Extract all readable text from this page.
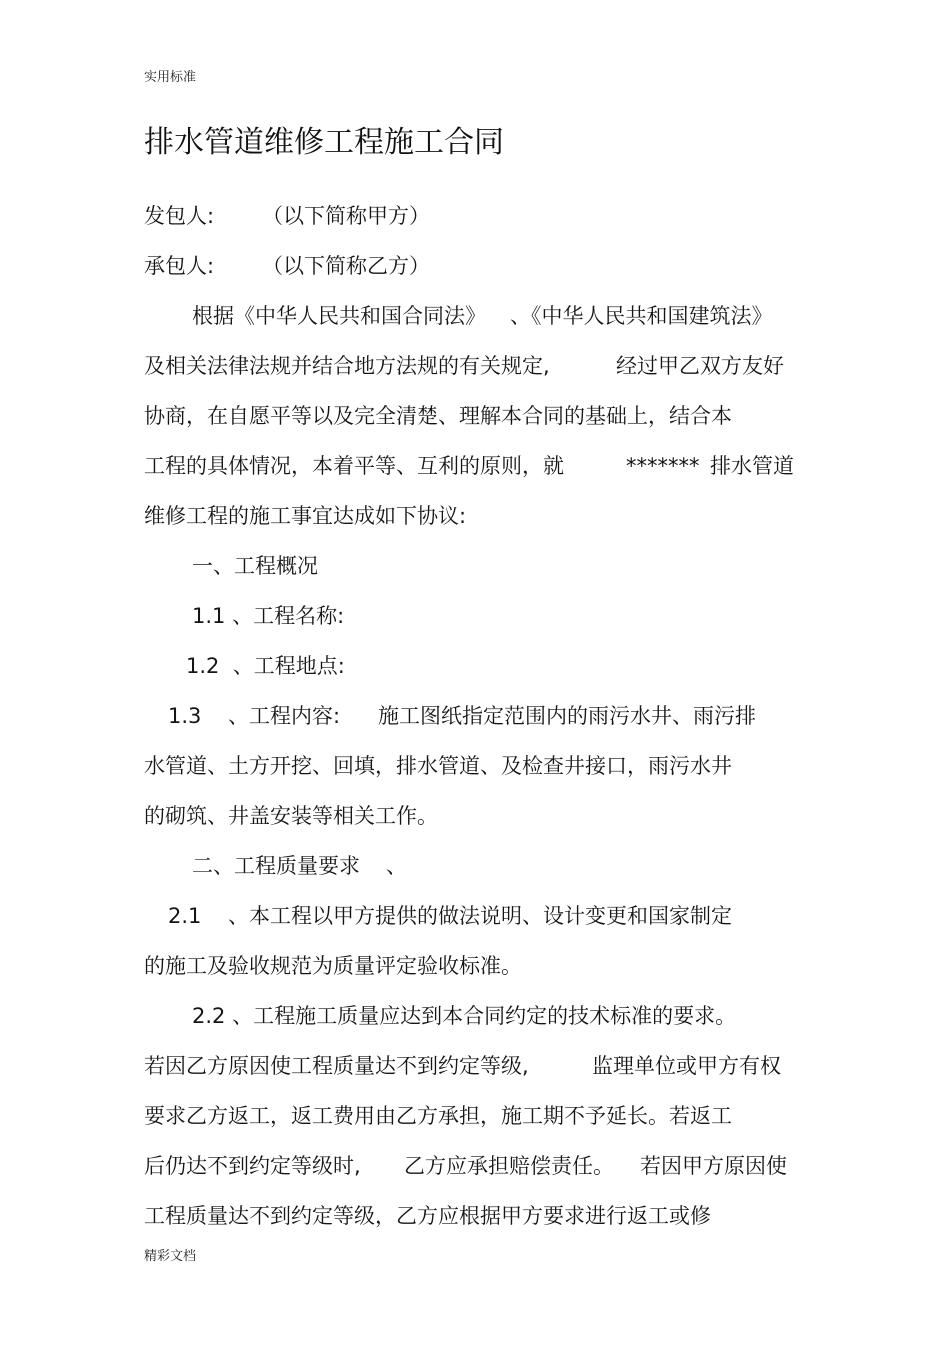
实用标准
排水管道维修工程施工合同
发包人: （以下简称甲方）
承包人: （以下简称乙方）
根据《中华人民共和国合同法》 、《中华人民共和国建筑法》
及相关法律法规并结合地方法规的有关规定,	经过甲乙双方友好
协商，在自愿平等以及完全清楚、理解本合同的基础上，结合本
工程的具体情况，本着平等、互利的原则，就	******* 排水管道
维修工程的施工事宜达成如下协议:
一、工程概况
1.1 、工程名称:
1.2  、工程地点:
1.3 、工程内容: 施工图纸指定范围内的雨污水井、雨污排
水管道、土方开挖、回填，排水管道、及检查井接口，雨污水井
的砌筑、井盖安装等相关工作。
二、工程质量要求 、
2.1 、本工程以甲方提供的做法说明、设计变更和国家制定
的施工及验收规范为质量评定验收标准。
2.2 、工程施工质量应达到本合同约定的技术标准的要求。
若因乙方原因使工程质量达不到约定等级,	监理单位或甲方有权
要求乙方返工，返工费用由乙方承担，施工期不予延长。若返工
后仍达不到约定等级时, 乙方应承担赔偿责任。 若因甲方原因使
工程质量达不到约定等级，乙方应根据甲方要求进行返工或修
精彩文档
